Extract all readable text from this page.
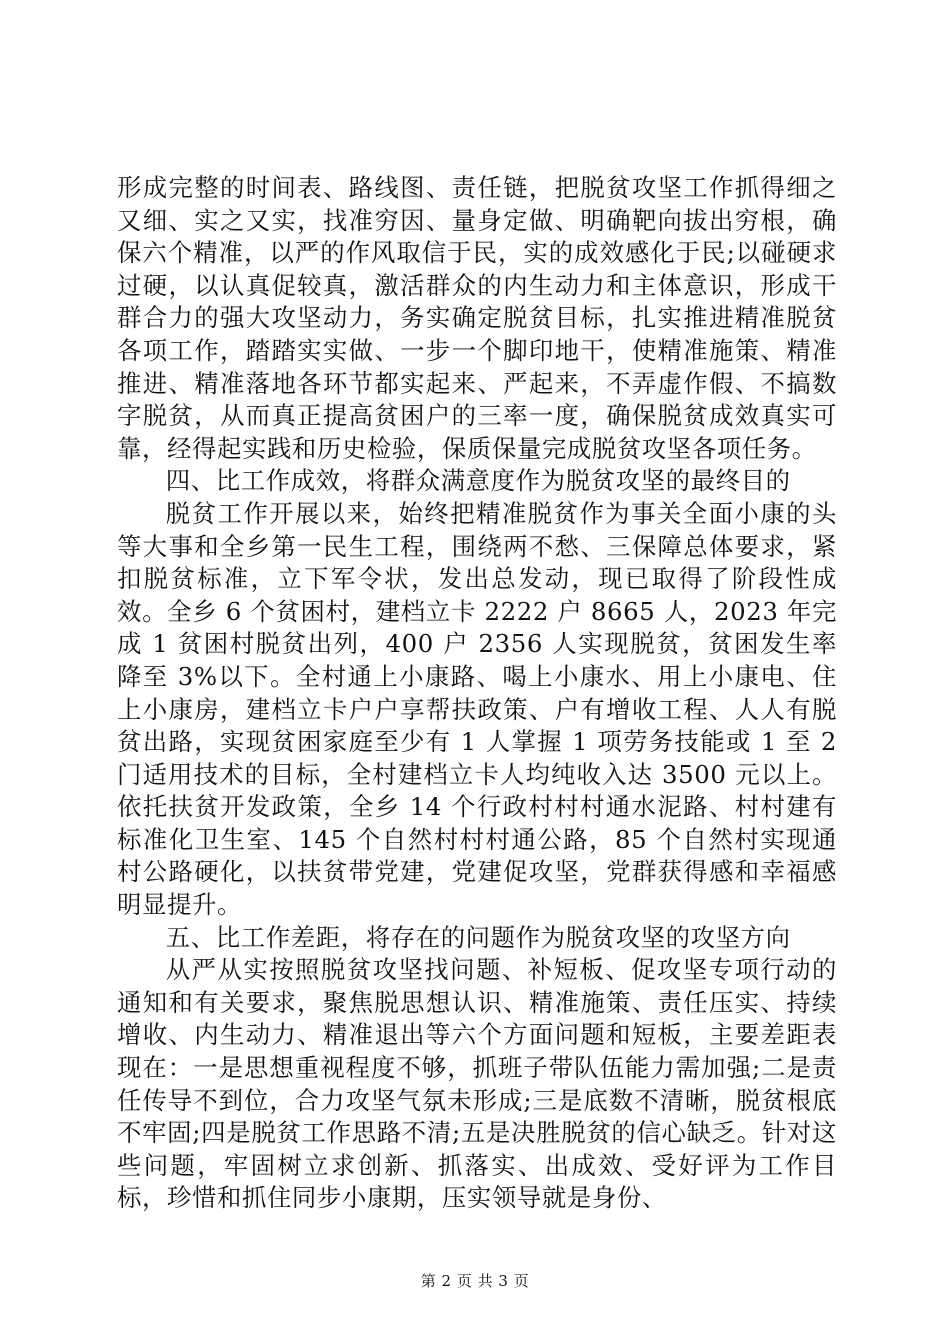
形成完整的时间表、路线图、责任链，把脱贫攻坚工作抓得细之又细、实之又实，找准穷因、量身定做、明确靶向拔出穷根，确保六个精准，以严的作风取信于民，实的成效感化于民;以碰硬求过硬，以认真促较真，激活群众的内生动力和主体意识，形成干群合力的强大攻坚动力，务实确定脱贫目标，扎实推进精准脱贫各项工作，踏踏实实做、一步一个脚印地干，使精准施策、精准推进、精准落地各环节都实起来、严起来，不弄虚作假、不搞数字脱贫，从而真正提高贫困户的三率一度，确保脱贫成效真实可靠，经得起实践和历史检验，保质保量完成脱贫攻坚各项任务。

四、比工作成效，将群众满意度作为脱贫攻坚的最终目的

脱贫工作开展以来，始终把精准脱贫作为事关全面小康的头等大事和全乡第一民生工程，围绕两不愁、三保障总体要求，紧扣脱贫标准，立下军令状，发出总发动，现已取得了阶段性成效。全乡 6 个贫困村，建档立卡 2222 户 8665 人，2023 年完成 1 贫困村脱贫出列，400 户 2356 人实现脱贫，贫困发生率降至 3%以下。全村通上小康路、喝上小康水、用上小康电、住上小康房，建档立卡户户享帮扶政策、户有增收工程、人人有脱贫出路，实现贫困家庭至少有 1 人掌握 1 项劳务技能或 1 至 2 门适用技术的目标，全村建档立卡人均纯收入达 3500 元以上。依托扶贫开发政策，全乡 14 个行政村村村通水泥路、村村建有标准化卫生室、145 个自然村村村通公路，85 个自然村实现通村公路硬化，以扶贫带党建，党建促攻坚，党群获得感和幸福感明显提升。

五、比工作差距，将存在的问题作为脱贫攻坚的攻坚方向

从严从实按照脱贫攻坚找问题、补短板、促攻坚专项行动的通知和有关要求，聚焦脱思想认识、精准施策、责任压实、持续增收、内生动力、精准退出等六个方面问题和短板，主要差距表现在：一是思想重视程度不够，抓班子带队伍能力需加强;二是责任传导不到位，合力攻坚气氛未形成;三是底数不清晰，脱贫根底不牢固;四是脱贫工作思路不清;五是决胜脱贫的信心缺乏。针对这些问题，牢固树立求创新、抓落实、出成效、受好评为工作目标，珍惜和抓住同步小康期，压实领导就是身份、

第 2 页 共 3 页
